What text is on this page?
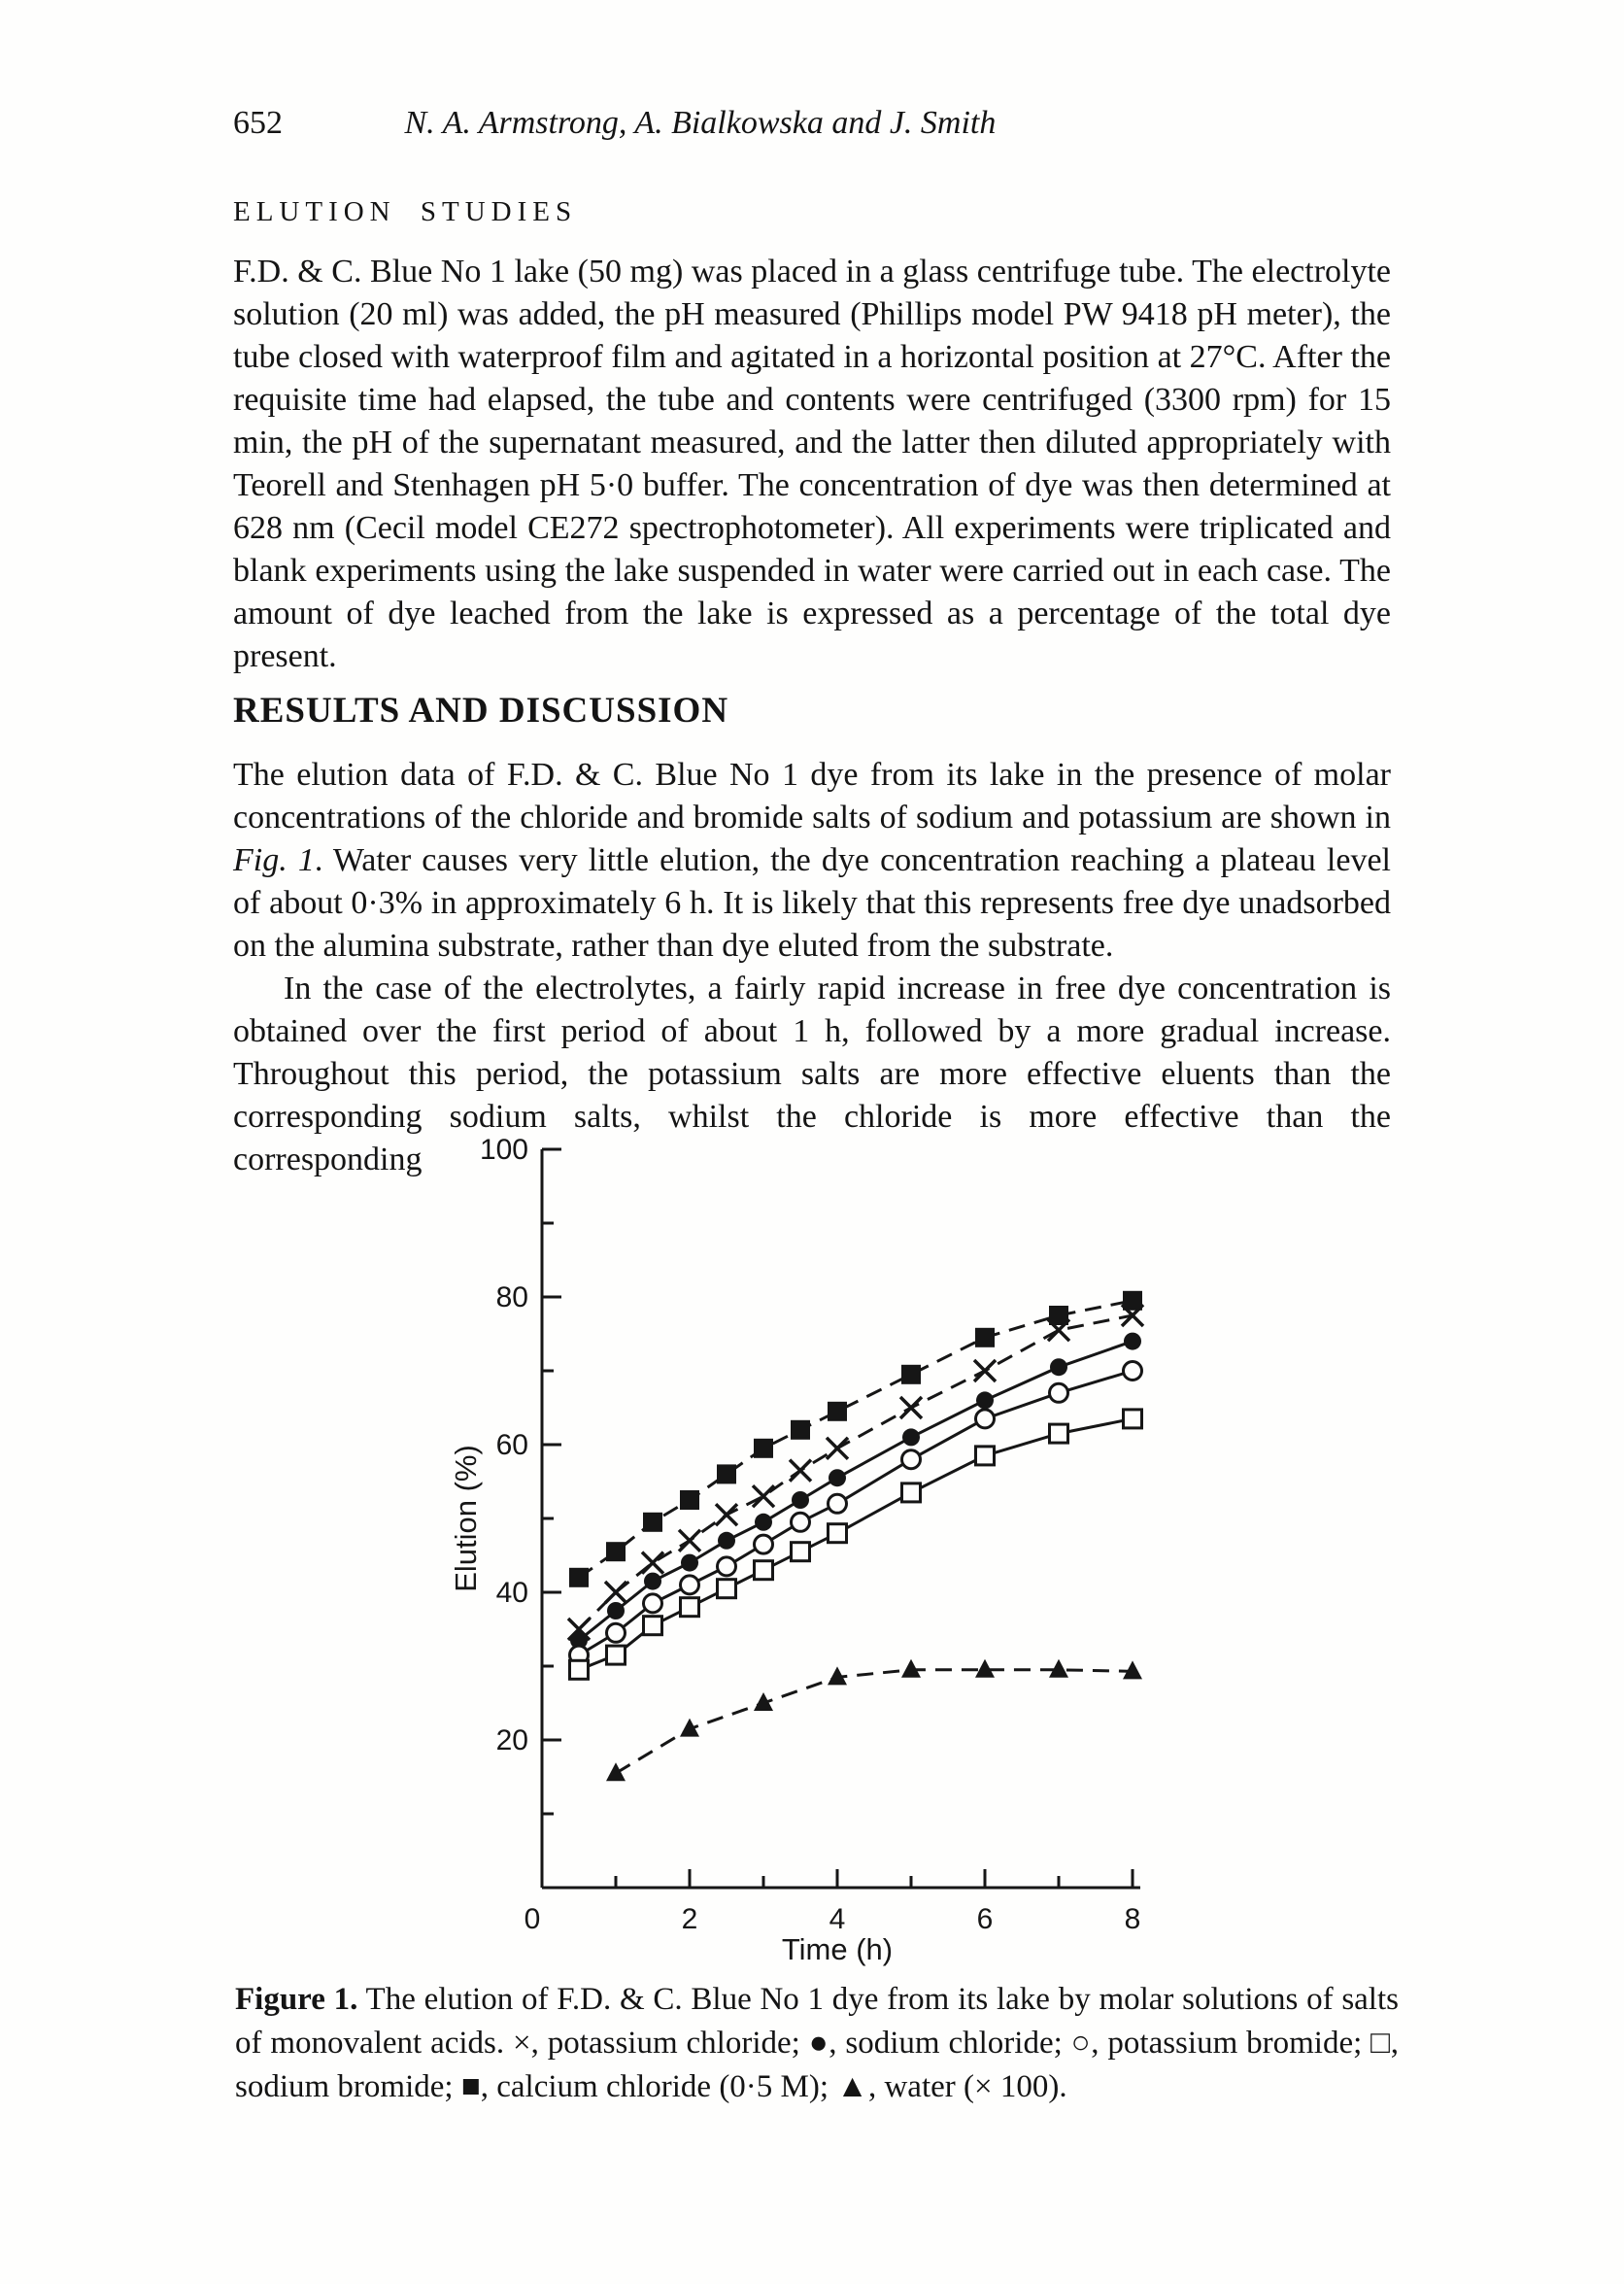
652	N. A. Armstrong, A. Bialkowska and J. Smith
ELUTION STUDIES

F.D. & C. Blue No 1 lake (50 mg) was placed in a glass centrifuge tube. The electrolyte solution (20 ml) was added, the pH measured (Phillips model PW 9418 pH meter), the tube closed with waterproof film and agitated in a horizontal position at 27°C. After the requisite time had elapsed, the tube and contents were centrifuged (3300 rpm) for 15 min, the pH of the supernatant measured, and the latter then diluted appropriately with Teorell and Stenhagen pH 5·0 buffer. The concentration of dye was then determined at 628 nm (Cecil model CE272 spectrophotometer). All experiments were triplicated and blank experiments using the lake suspended in water were carried out in each case. The amount of dye leached from the lake is expressed as a percentage of the total dye present.

RESULTS AND DISCUSSION

The elution data of F.D. & C. Blue No 1 dye from its lake in the presence of molar concentrations of the chloride and bromide salts of sodium and potassium are shown in Fig. 1. Water causes very little elution, the dye concentration reaching a plateau level of about 0·3% in approximately 6 h. It is likely that this represents free dye unadsorbed on the alumina substrate, rather than dye eluted from the substrate.

In the case of the electrolytes, a fairly rapid increase in free dye concentration is obtained over the first period of about 1 h, followed by a more gradual increase. Throughout this period, the potassium salts are more effective eluents than the corresponding sodium salts, whilst the chloride is more effective than the corresponding

20
40
60
80
100
0	2	4	6	8
Time (h)
Elution (%)
Figure 1. The elution of F.D. & C. Blue No 1 dye from its lake by molar solutions of salts of monovalent acids. ×, potassium chloride; ●, sodium chloride; ○, potassium bromide; □, sodium bromide; ■, calcium chloride (0·5 M); ▲, water (× 100).
